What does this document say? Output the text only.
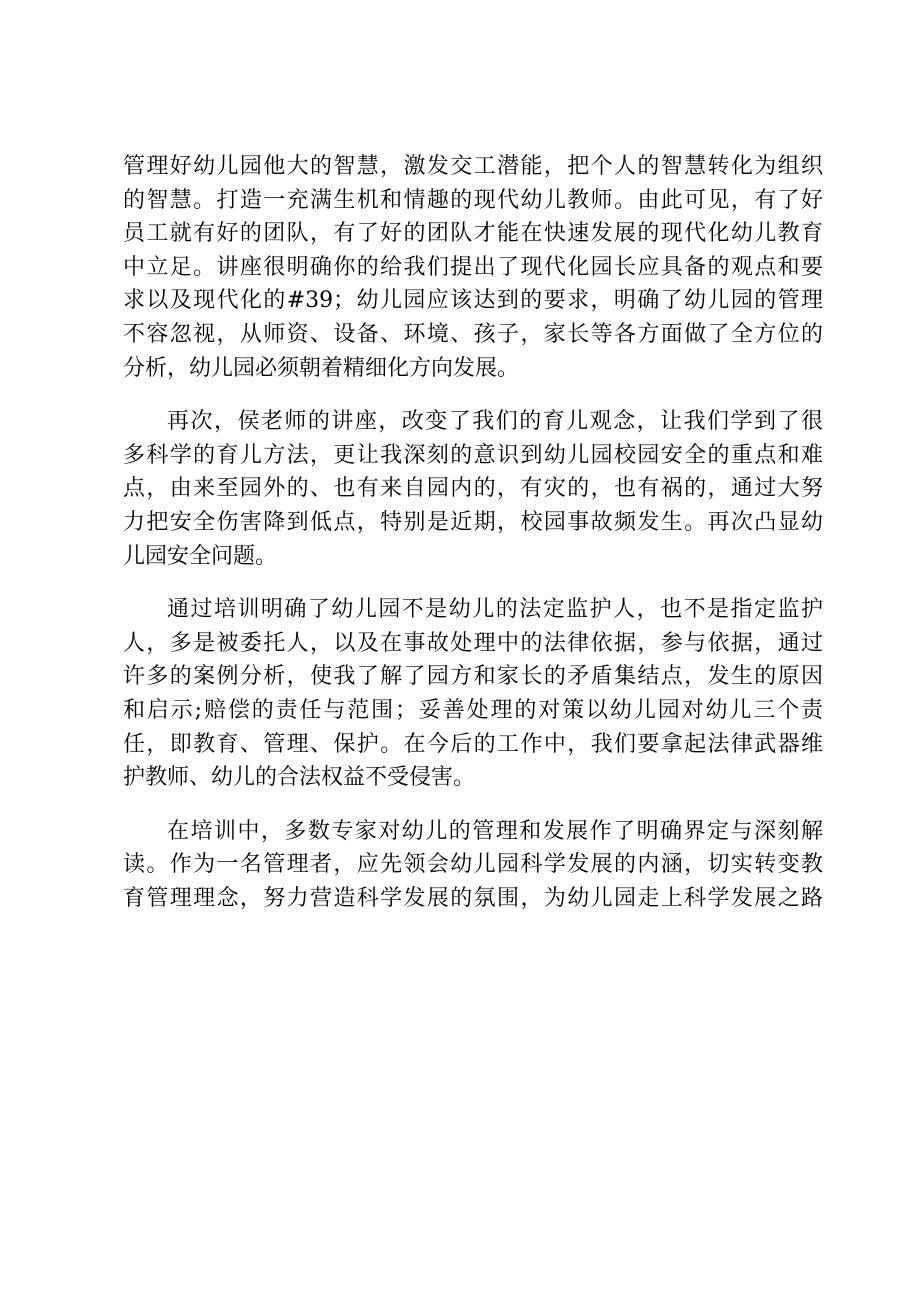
管理好幼儿园他大的智慧，激发交工潜能，把个人的智慧转化为组织
的智慧。打造一充满生机和情趣的现代幼儿教师。由此可见，有了好
员工就有好的团队，有了好的团队才能在快速发展的现代化幼儿教育
中立足。讲座很明确你的给我们提出了现代化园长应具备的观点和要
求以及现代化的#39；幼儿园应该达到的要求，明确了幼儿园的管理
不容忽视，从师资、设备、环境、孩子，家长等各方面做了全方位的
分析，幼儿园必须朝着精细化方向发展。
再次，侯老师的讲座，改变了我们的育儿观念，让我们学到了很
多科学的育儿方法，更让我深刻的意识到幼儿园校园安全的重点和难
点，由来至园外的、也有来自园内的，有灾的，也有祸的，通过大努
力把安全伤害降到低点，特别是近期，校园事故频发生。再次凸显幼
儿园安全问题。
通过培训明确了幼儿园不是幼儿的法定监护人，也不是指定监护
人，多是被委托人，以及在事故处理中的法律依据，参与依据，通过
许多的案例分析，使我了解了园方和家长的矛盾集结点，发生的原因
和启示;赔偿的责任与范围；妥善处理的对策以幼儿园对幼儿三个责
任，即教育、管理、保护。在今后的工作中，我们要拿起法律武器维
护教师、幼儿的合法权益不受侵害。
在培训中，多数专家对幼儿的管理和发展作了明确界定与深刻解
读。作为一名管理者，应先领会幼儿园科学发展的内涵，切实转变教
育管理理念，努力营造科学发展的氛围，为幼儿园走上科学发展之路
